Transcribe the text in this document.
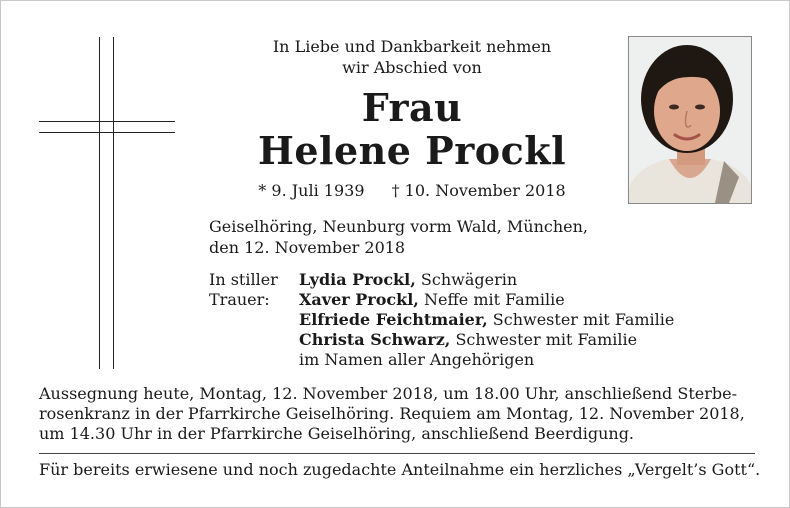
In Liebe und Dankbarkeit nehmen
wir Abschied von
Frau
Helene Prockl
* 9. Juli 1939 † 10. November 2018
Geiselhöring, Neunburg vorm Wald, München,
den 12. November 2018
In stiller
Trauer:
Lydia Prockl, Schwägerin
Xaver Prockl, Neffe mit Familie
Elfriede Feichtmaier, Schwester mit Familie
Christa Schwarz, Schwester mit Familie
im Namen aller Angehörigen
Aussegnung heute, Montag, 12. November 2018, um 18.00 Uhr, anschließend Sterbe-
rosenkranz in der Pfarrkirche Geiselhöring. Requiem am Montag, 12. November 2018,
um 14.30 Uhr in der Pfarrkirche Geiselhöring, anschließend Beerdigung.
Für bereits erwiesene und noch zugedachte Anteilnahme ein herzliches „Vergelt’s Gott“.
